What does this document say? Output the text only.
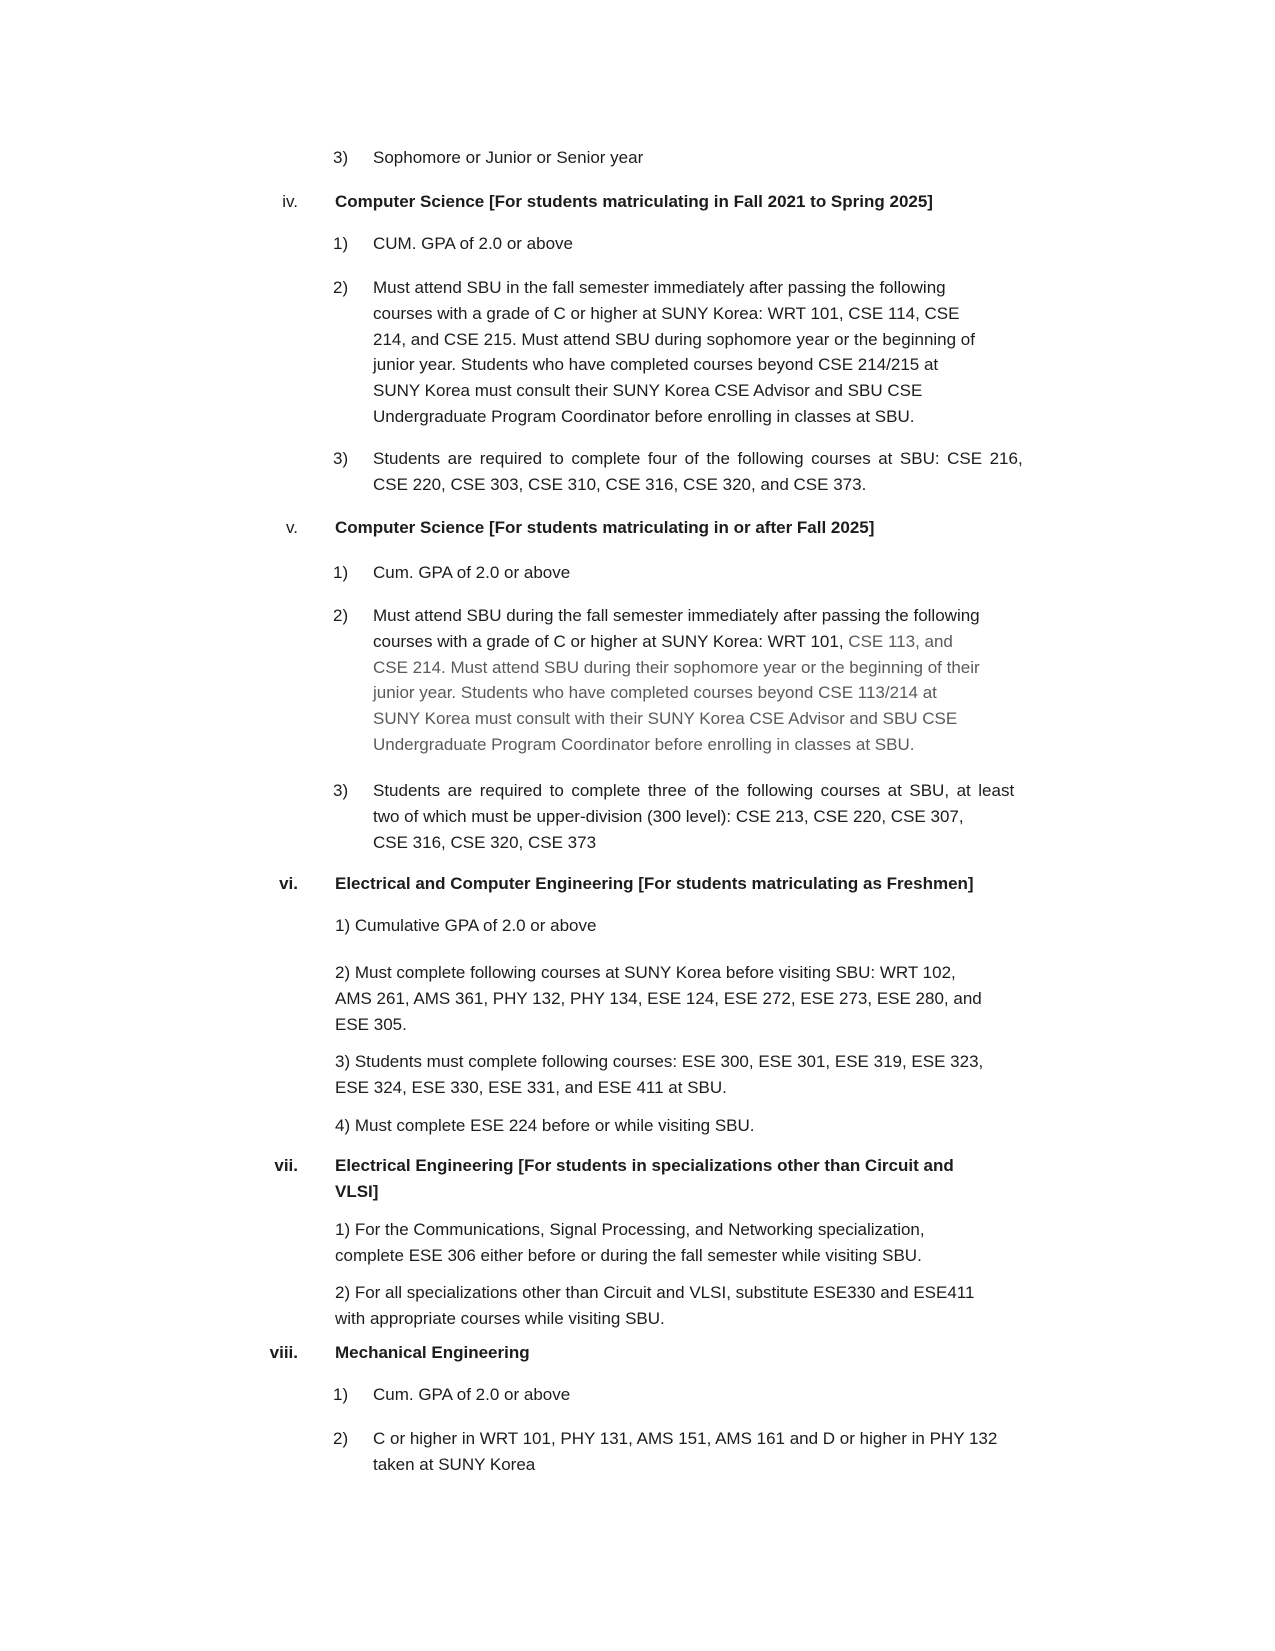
3)	Sophomore or Junior or Senior year
iv. Computer Science [For students matriculating in Fall 2021 to Spring 2025]
1)	CUM. GPA of 2.0 or above
2)	Must attend SBU in the fall semester immediately after passing the following
courses with a grade of C or higher at SUNY Korea: WRT 101, CSE 114, CSE
214, and CSE 215. Must attend SBU during sophomore year or the beginning of
junior year. Students who have completed courses beyond CSE 214/215 at
SUNY Korea must consult their SUNY Korea CSE Advisor and SBU CSE
Undergraduate Program Coordinator before enrolling in classes at SBU.
3)	Students are required to complete four of the following courses at SBU: CSE 216,
CSE 220, CSE 303, CSE 310, CSE 316, CSE 320, and CSE 373.
v. Computer Science [For students matriculating in or after Fall 2025]
1)	Cum. GPA of 2.0 or above
2)	Must attend SBU during the fall semester immediately after passing the following
courses with a grade of C or higher at SUNY Korea: WRT 101, CSE 113, and
CSE 214. Must attend SBU during their sophomore year or the beginning of their
junior year. Students who have completed courses beyond CSE 113/214 at
SUNY Korea must consult with their SUNY Korea CSE Advisor and SBU CSE
Undergraduate Program Coordinator before enrolling in classes at SBU.
3)	Students are required to complete three of the following courses at SBU, at least
two of which must be upper-division (300 level): CSE 213, CSE 220, CSE 307,
CSE 316, CSE 320, CSE 373
vi. Electrical and Computer Engineering [For students matriculating as Freshmen]
1) Cumulative GPA of 2.0 or above
2) Must complete following courses at SUNY Korea before visiting SBU: WRT 102,
AMS 261, AMS 361, PHY 132, PHY 134, ESE 124, ESE 272, ESE 273, ESE 280, and
ESE 305.
3) Students must complete following courses: ESE 300, ESE 301, ESE 319, ESE 323,
ESE 324, ESE 330, ESE 331, and ESE 411 at SBU.
4) Must complete ESE 224 before or while visiting SBU.
vii. Electrical Engineering [For students in specializations other than Circuit and
VLSI]
1) For the Communications, Signal Processing, and Networking specialization,
complete ESE 306 either before or during the fall semester while visiting SBU.
2) For all specializations other than Circuit and VLSI, substitute ESE330 and ESE411
with appropriate courses while visiting SBU.
viii. Mechanical Engineering
1)	Cum. GPA of 2.0 or above
2)	C or higher in WRT 101, PHY 131, AMS 151, AMS 161 and D or higher in PHY 132
taken at SUNY Korea
